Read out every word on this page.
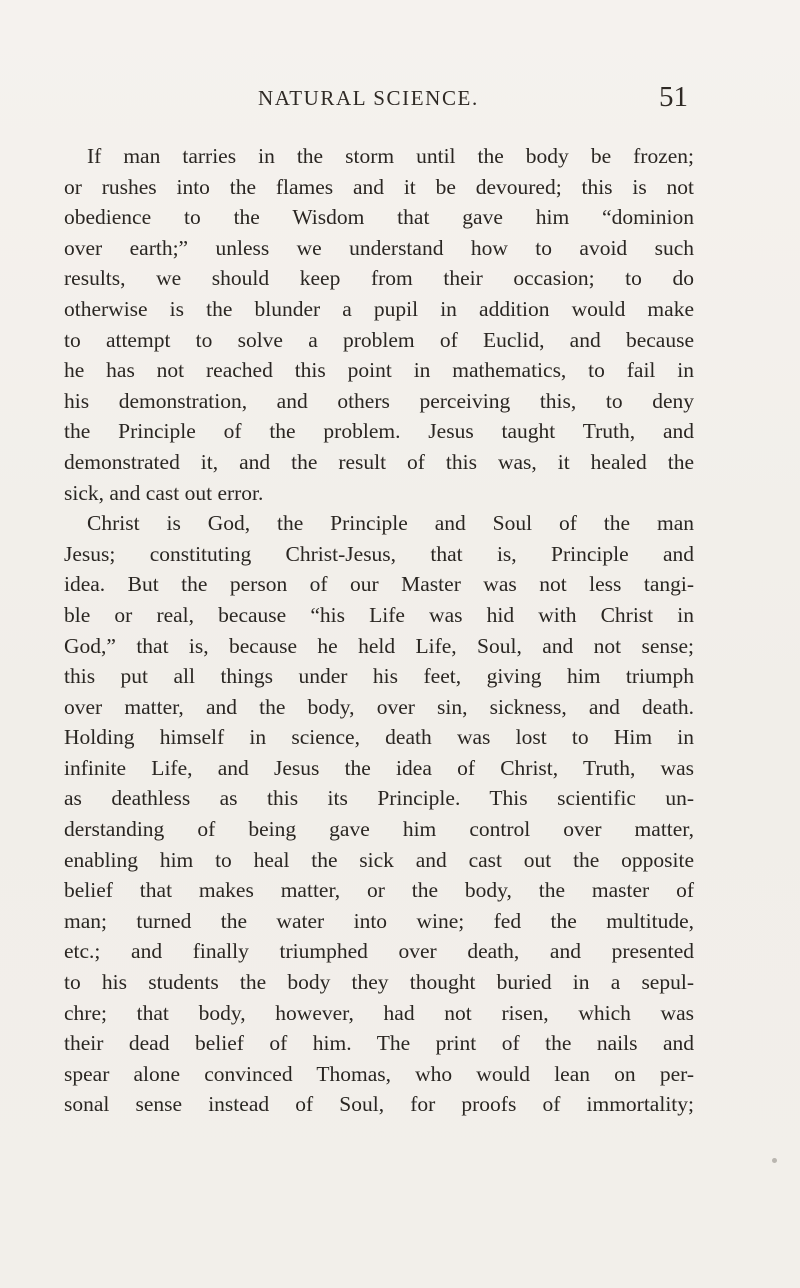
NATURAL SCIENCE.	51
If man tarries in the storm until the body be frozen;
or rushes into the flames and it be devoured; this is not
obedience to the Wisdom that gave him “dominion
over earth;” unless we understand how to avoid such
results, we should keep from their occasion; to do
otherwise is the blunder a pupil in addition would make
to attempt to solve a problem of Euclid, and because
he has not reached this point in mathematics, to fail in
his demonstration, and others perceiving this, to deny
the Principle of the problem. Jesus taught Truth, and
demonstrated it, and the result of this was, it healed the
sick, and cast out error.
Christ is God, the Principle and Soul of the man
Jesus; constituting Christ-Jesus, that is, Principle and
idea. But the person of our Master was not less tangi-
ble or real, because “his Life was hid with Christ in
God,” that is, because he held Life, Soul, and not sense;
this put all things under his feet, giving him triumph
over matter, and the body, over sin, sickness, and death.
Holding himself in science, death was lost to Him in
infinite Life, and Jesus the idea of Christ, Truth, was
as deathless as this its Principle. This scientific un-
derstanding of being gave him control over matter,
enabling him to heal the sick and cast out the opposite
belief that makes matter, or the body, the master of
man; turned the water into wine; fed the multitude,
etc.; and finally triumphed over death, and presented
to his students the body they thought buried in a sepul-
chre; that body, however, had not risen, which was
their dead belief of him. The print of the nails and
spear alone convinced Thomas, who would lean on per-
sonal sense instead of Soul, for proofs of immortality;
